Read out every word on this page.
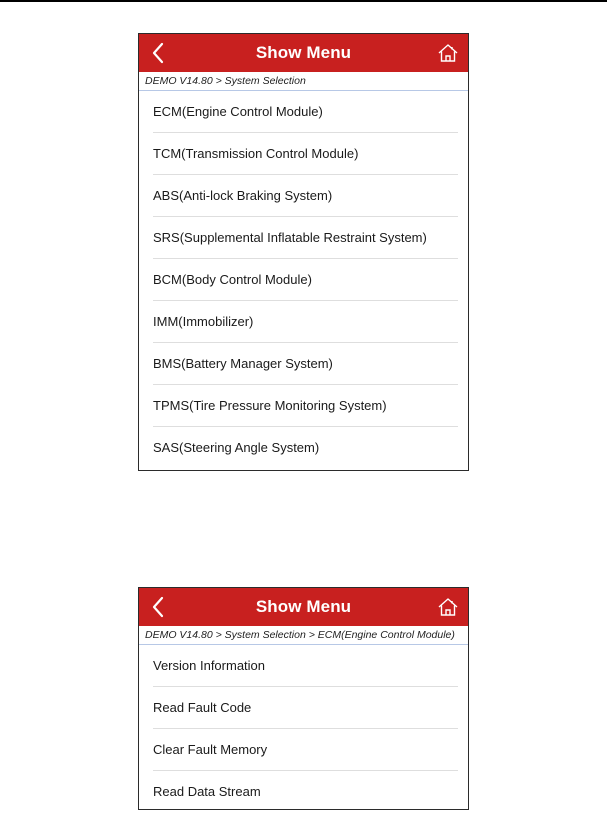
Show Menu
DEMO V14.80 > System Selection
ECM(Engine Control Module)
TCM(Transmission Control Module)
ABS(Anti-lock Braking System)
SRS(Supplemental Inflatable Restraint System)
BCM(Body Control Module)
IMM(Immobilizer)
BMS(Battery Manager System)
TPMS(Tire Pressure Monitoring System)
SAS(Steering Angle System)
Show Menu
DEMO V14.80 > System Selection > ECM(Engine Control Module)
Version Information
Read Fault Code
Clear Fault Memory
Read Data Stream
